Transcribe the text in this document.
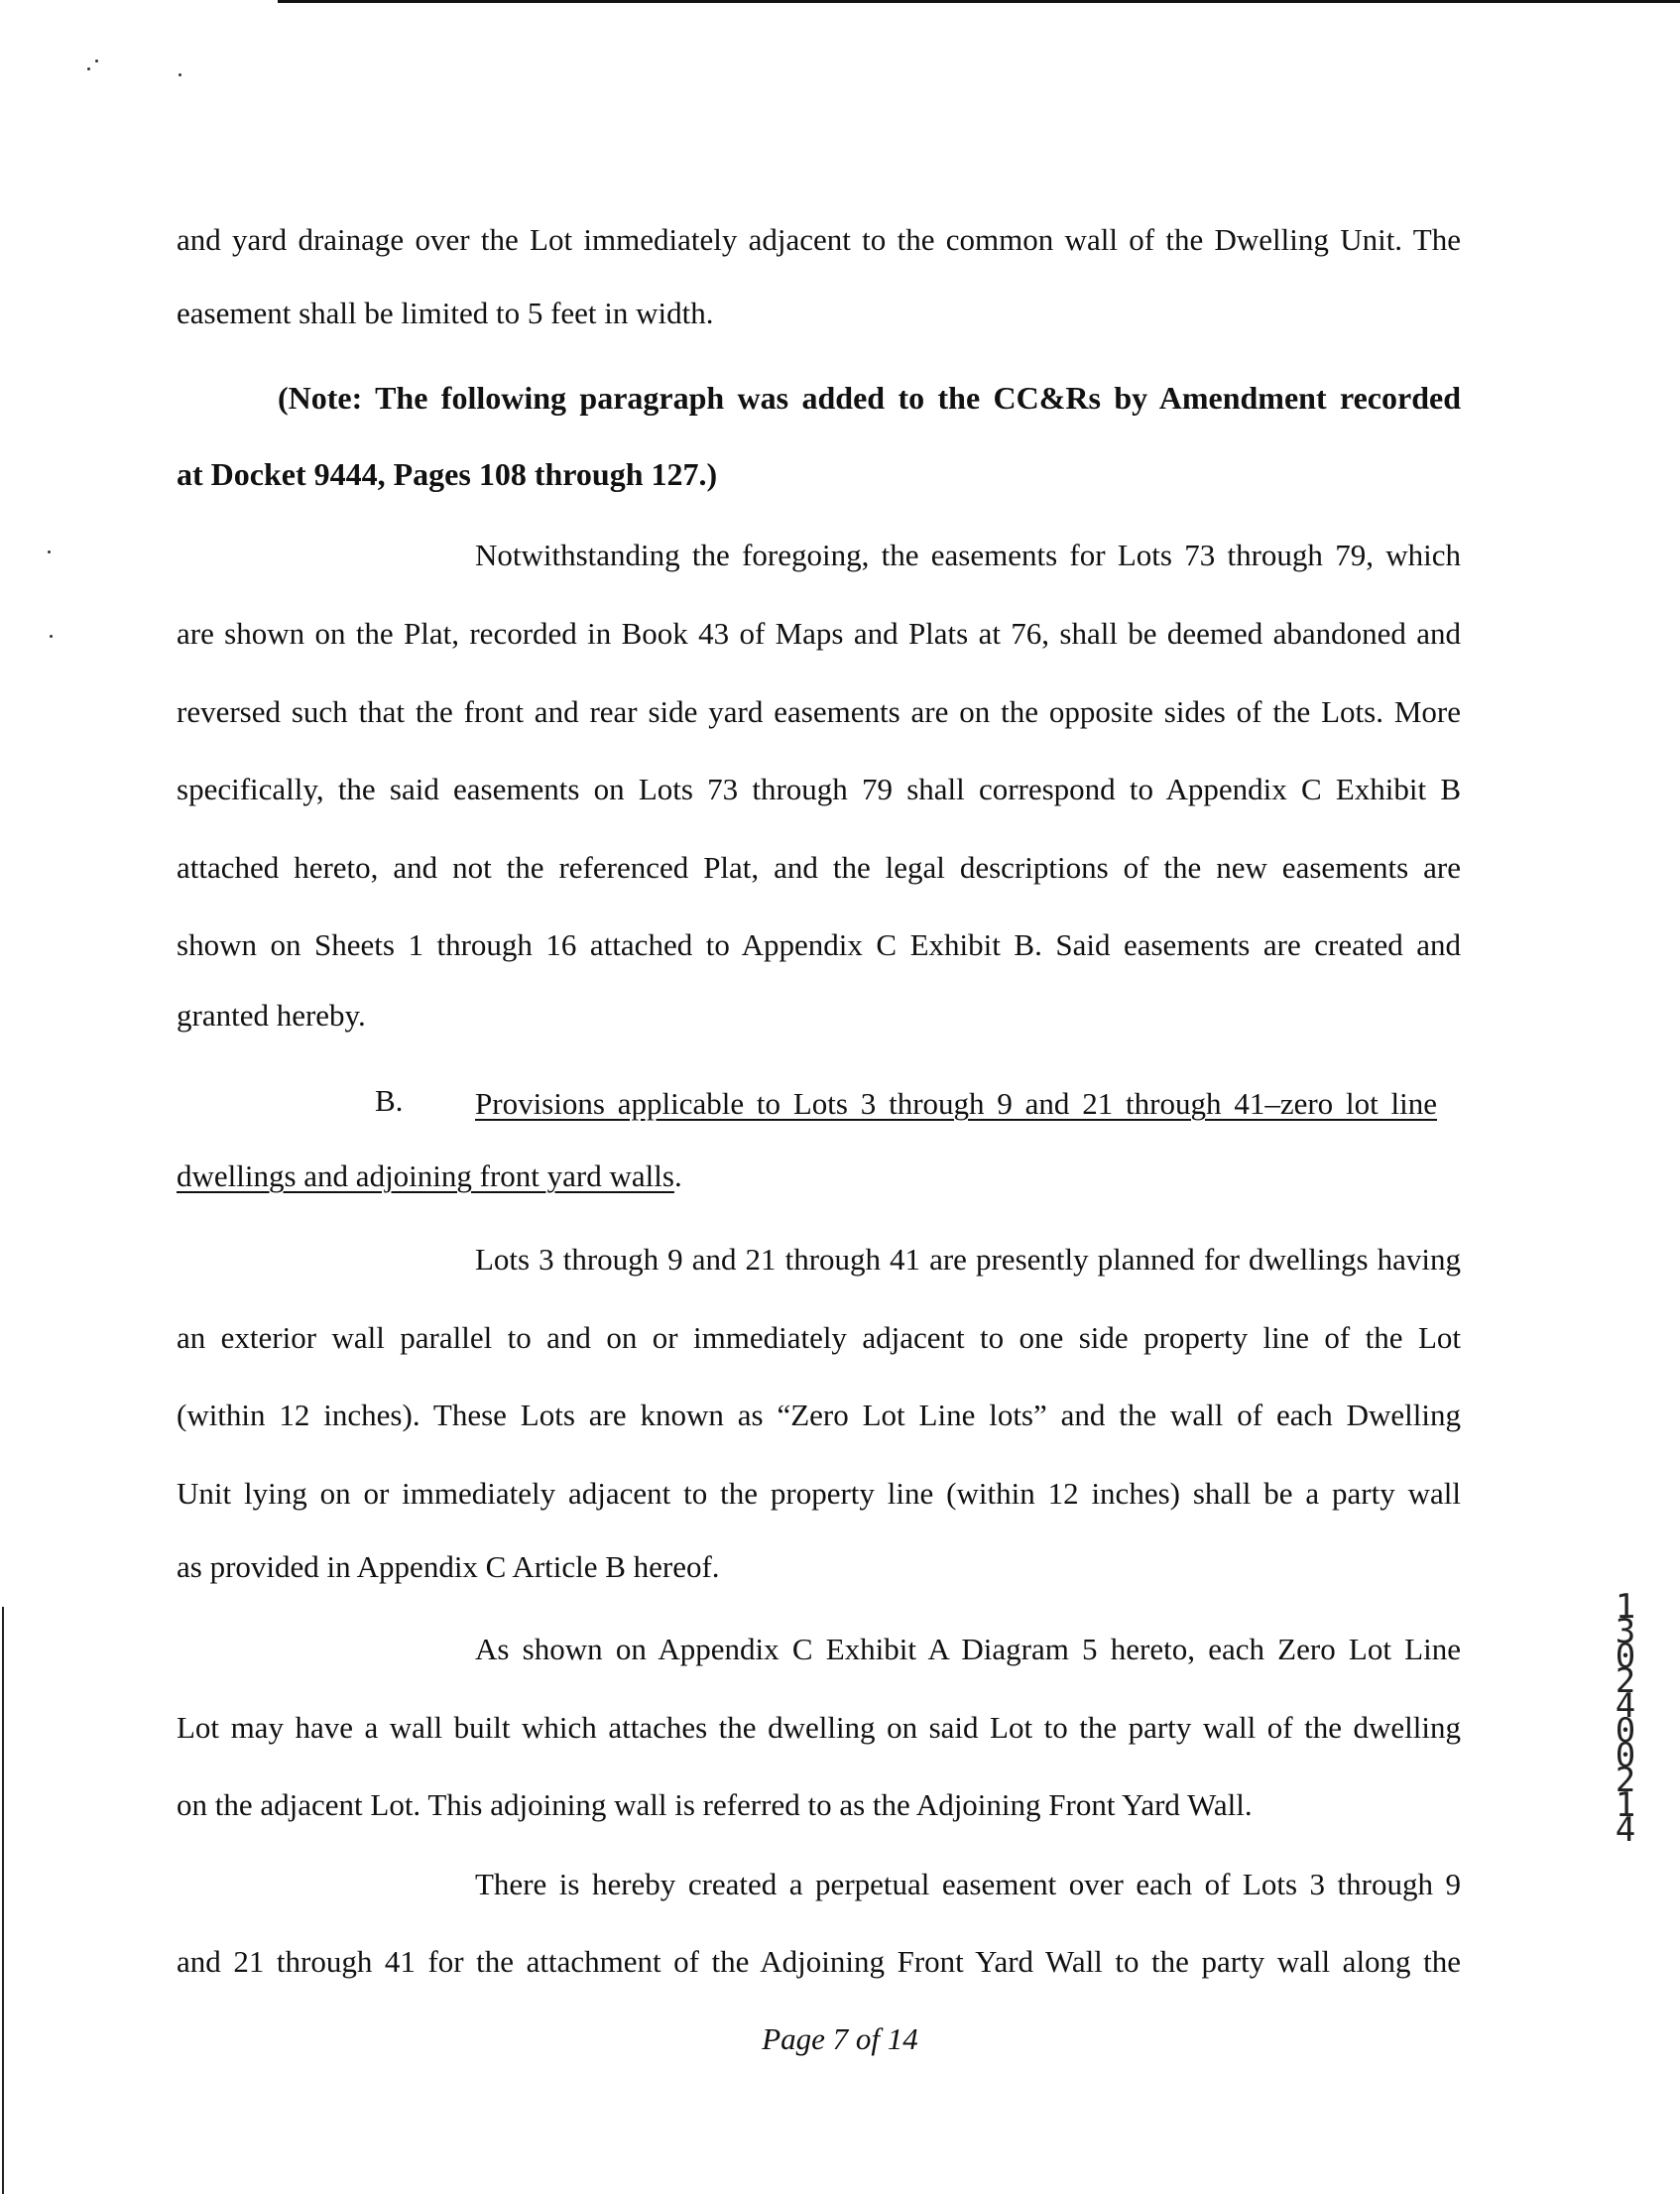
and yard drainage over the Lot immediately adjacent to the common wall of the Dwelling Unit. The
easement shall be limited to 5 feet in width.
(Note: The following paragraph was added to the CC&Rs by Amendment recorded
at Docket 9444, Pages 108 through 127.)
Notwithstanding the foregoing, the easements for Lots 73 through 79, which
are shown on the Plat, recorded in Book 43 of Maps and Plats at 76, shall be deemed abandoned and
reversed such that the front and rear side yard easements are on the opposite sides of the Lots. More
specifically, the said easements on Lots 73 through 79 shall correspond to Appendix C Exhibit B
attached hereto, and not the referenced Plat, and the legal descriptions of the new easements are
shown on Sheets 1 through 16 attached to Appendix C Exhibit B. Said easements are created and
granted hereby.
B. Provisions applicable to Lots 3 through 9 and 21 through 41–zero lot line
dwellings and adjoining front yard walls.
Lots 3 through 9 and 21 through 41 are presently planned for dwellings having
an exterior wall parallel to and on or immediately adjacent to one side property line of the Lot
(within 12 inches). These Lots are known as “Zero Lot Line lots” and the wall of each Dwelling
Unit lying on or immediately adjacent to the property line (within 12 inches) shall be a party wall
as provided in Appendix C Article B hereof.
As shown on Appendix C Exhibit A Diagram 5 hereto, each Zero Lot Line
Lot may have a wall built which attaches the dwelling on said Lot to the party wall of the dwelling
on the adjacent Lot. This adjoining wall is referred to as the Adjoining Front Yard Wall.
There is hereby created a perpetual easement over each of Lots 3 through 9
and 21 through 41 for the attachment of the Adjoining Front Yard Wall to the party wall along the
Page 7 of 14
13024 00214
